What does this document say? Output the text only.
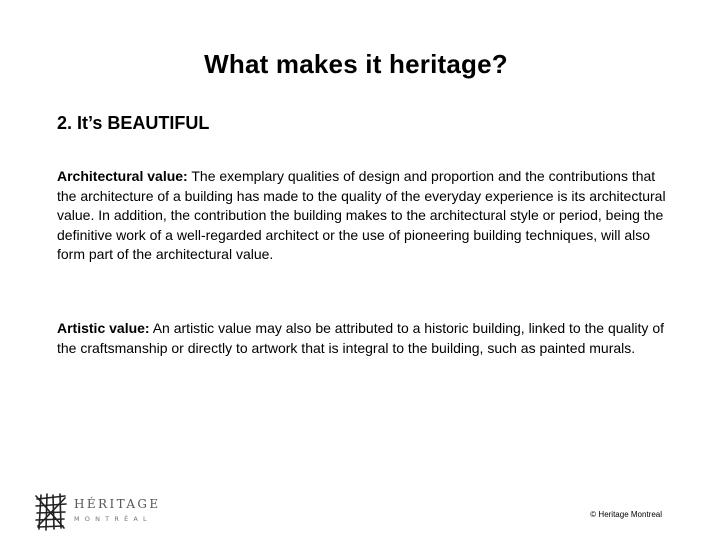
What makes it heritage?
2. It’s BEAUTIFUL
Architectural value: The exemplary qualities of design and proportion and the contributions that the architecture of a building has made to the quality of the everyday experience is its architectural value. In addition, the contribution the building makes to the architectural style or period, being the definitive work of a well-regarded architect or the use of pioneering building techniques, will also form part of the architectural value.
Artistic value: An artistic value may also be attributed to a historic building, linked to the quality of the craftsmanship or directly to artwork that is integral to the building, such as painted murals.
HÉRITAGE
MONTRÉAL	© Heritage Montreal
